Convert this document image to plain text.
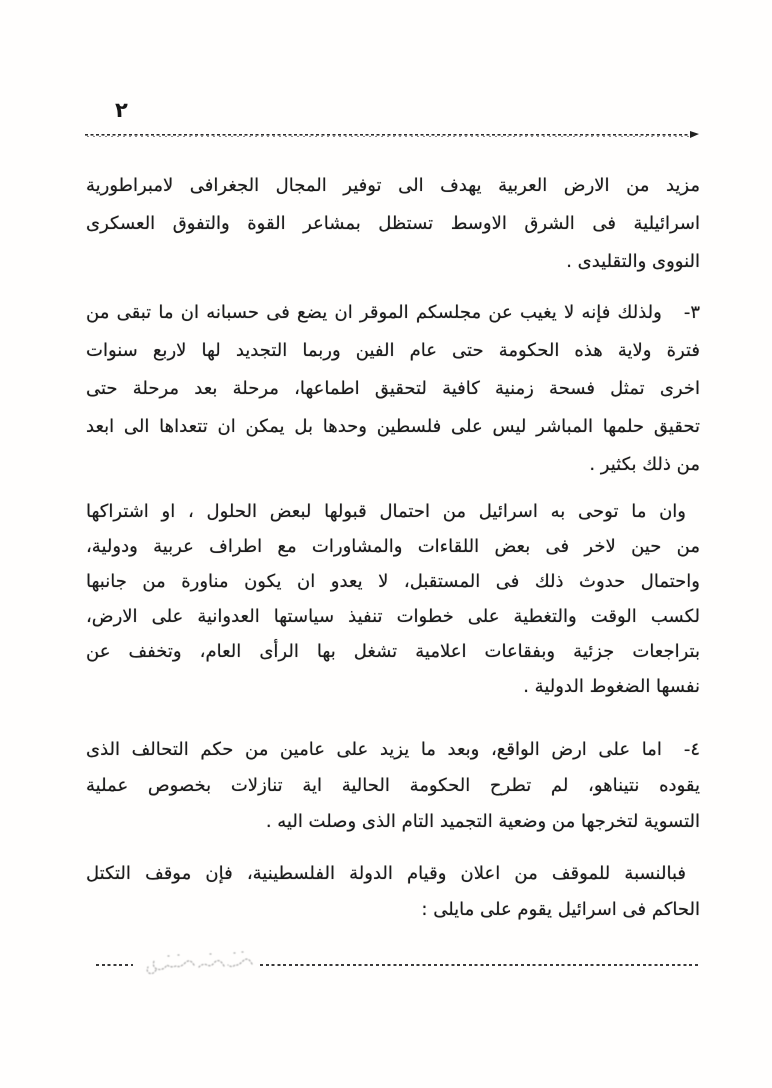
٢
مزيد من الارض العربية يهدف الى توفير المجال الجغرافى لامبراطورية
اسرائيلية فى الشرق الاوسط تستظل بمشاعر القوة والتفوق العسكرى
النووى والتقليدى .
٣-ولذلك فإنه لا يغيب عن مجلسكم الموقر ان يضع فى حسبانه ان ما تبقى من
فترة ولاية هذه الحكومة حتى عام الفين وربما التجديد لها لاربع سنوات
اخرى تمثل فسحة زمنية كافية لتحقيق اطماعها، مرحلة بعد مرحلة حتى
تحقيق حلمها المباشر ليس على فلسطين وحدها بل يمكن ان تتعداها الى ابعد
من ذلك بكثير .
وان ما توحى به اسرائيل من احتمال قبولها لبعض الحلول ، او اشتراكها
من حين لاخر فى بعض اللقاءات والمشاورات مع اطراف عربية ودولية،
واحتمال حدوث ذلك فى المستقبل، لا يعدو ان يكون مناورة من جانبها
لكسب الوقت والتغطية على خطوات تنفيذ سياستها العدوانية على الارض،
بتراجعات جزئية وبفقاعات اعلامية تشغل بها الرأى العام، وتخفف عن
نفسها الضغوط الدولية .
٤-اما على ارض الواقع، وبعد ما يزيد على عامين من حكم التحالف الذى
يقوده نتيناهو، لم تطرح الحكومة الحالية اية تنازلات بخصوص عملية
التسوية لتخرجها من وضعية التجميد التام الذى وصلت اليه .
فبالنسبة للموقف من اعلان وقيام الدولة الفلسطينية، فإن موقف التكتل
الحاكم فى اسرائيل يقوم على مايلى :
